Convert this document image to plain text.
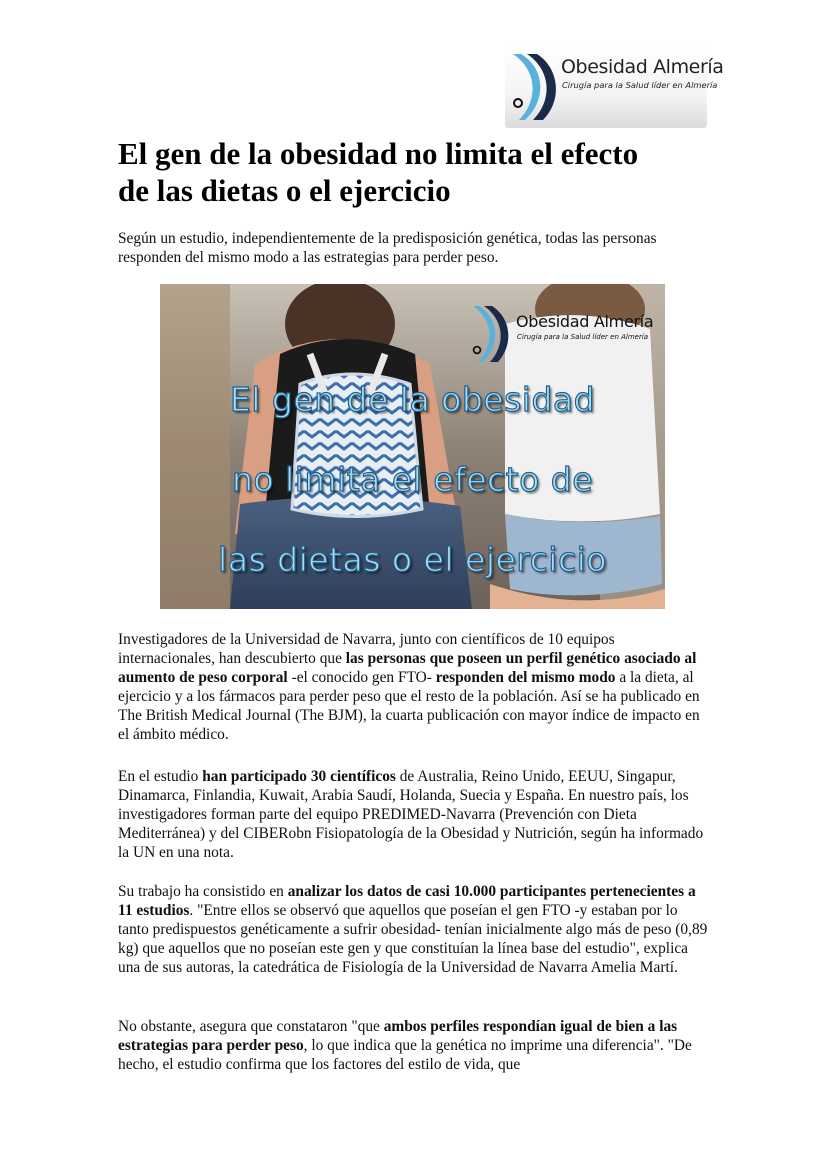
Obesidad Almería
Cirugía para la Salud líder en Almería
El gen de la obesidad no limita el efecto
de las dietas o el ejercicio

Según un estudio, independientemente de la predisposición genética, todas las personas responden del mismo modo a las estrategias para perder peso.

Obesidad Almería
Cirugía para la Salud líder en Almería
El gen de la obesidad
no limita el efecto de
las dietas o el ejercicio

Investigadores de la Universidad de Navarra, junto con científicos de 10 equipos internacionales, han descubierto que las personas que poseen un perfil genético asociado al aumento de peso corporal -el conocido gen FTO- responden del mismo modo a la dieta, al ejercicio y a los fármacos para perder peso que el resto de la población. Así se ha publicado en The British Medical Journal (The BJM), la cuarta publicación con mayor índice de impacto en el ámbito médico.

En el estudio han participado 30 científicos de Australia, Reino Unido, EEUU, Singapur, Dinamarca, Finlandia, Kuwait, Arabia Saudí, Holanda, Suecia y España. En nuestro país, los investigadores forman parte del equipo PREDIMED-Navarra (Prevención con Dieta Mediterránea) y del CIBERobn Fisiopatología de la Obesidad y Nutrición, según ha informado la UN en una nota.

Su trabajo ha consistido en analizar los datos de casi 10.000 participantes pertenecientes a 11 estudios. "Entre ellos se observó que aquellos que poseían el gen FTO -y estaban por lo tanto predispuestos genéticamente a sufrir obesidad- tenían inicialmente algo más de peso (0,89 kg) que aquellos que no poseían este gen y que constituían la línea base del estudio", explica una de sus autoras, la catedrática de Fisiología de la Universidad de Navarra Amelia Martí.

No obstante, asegura que constataron "que ambos perfiles respondían igual de bien a las estrategias para perder peso, lo que indica que la genética no imprime una diferencia". "De hecho, el estudio confirma que los factores del estilo de vida, que
